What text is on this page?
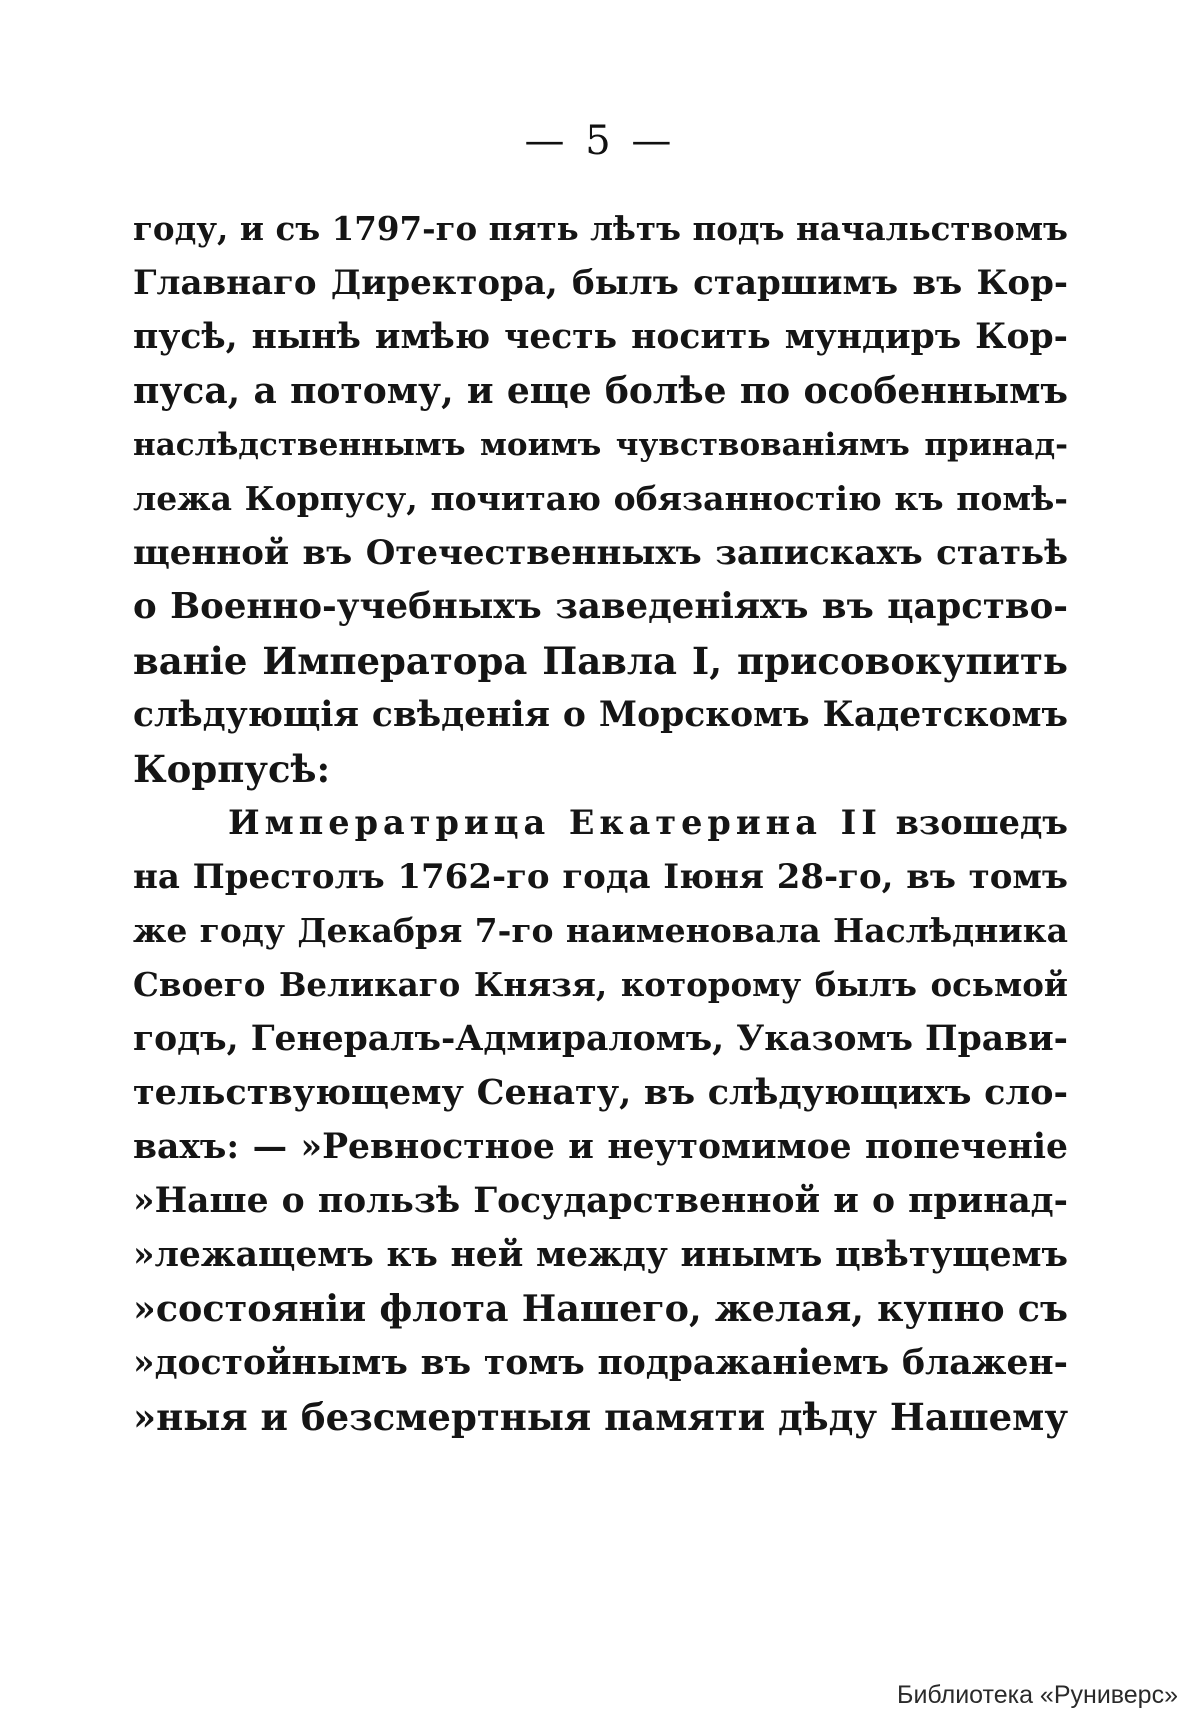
— 5 —
году, и съ 1797-го пять лѣтъ подъ начальствомъ
Главнаго Директора, былъ старшимъ въ Кор-
пусѣ, нынѣ имѣю честь носить мундиръ Кор-
пуса, а потому, и еще болѣе по особеннымъ
наслѣдственнымъ моимъ чувствованіямъ принад-
лежа Корпусу, почитаю обязанностію къ помѣ-
щенной въ Отечественныхъ запискахъ статьѣ
о Военно-учебныхъ заведеніяхъ въ царство-
ваніе Императора Павла I, присовокупить
слѣдующія свѣденія о Морскомъ Кадетскомъ
Корпусѣ:
Императрица Екатерина II взошедъ
на Престолъ 1762-го года Іюня 28-го, въ томъ
же году Декабря 7-го наименовала Наслѣдника
Своего Великаго Князя, которому былъ осьмой
годъ, Генералъ-Адмираломъ, Указомъ Прави-
тельствующему Сенату, въ слѣдующихъ сло-
вахъ: — »Ревностное и неутомимое попеченіе
»Наше о пользѣ Государственной и о принад-
»лежащемъ къ ней между инымъ цвѣтущемъ
»состояніи флота Нашего, желая, купно съ
»достойнымъ въ томъ подражаніемъ блажен-
»ныя и безсмертныя памяти дѣду Нашему
Библиотека «Руниверс»
